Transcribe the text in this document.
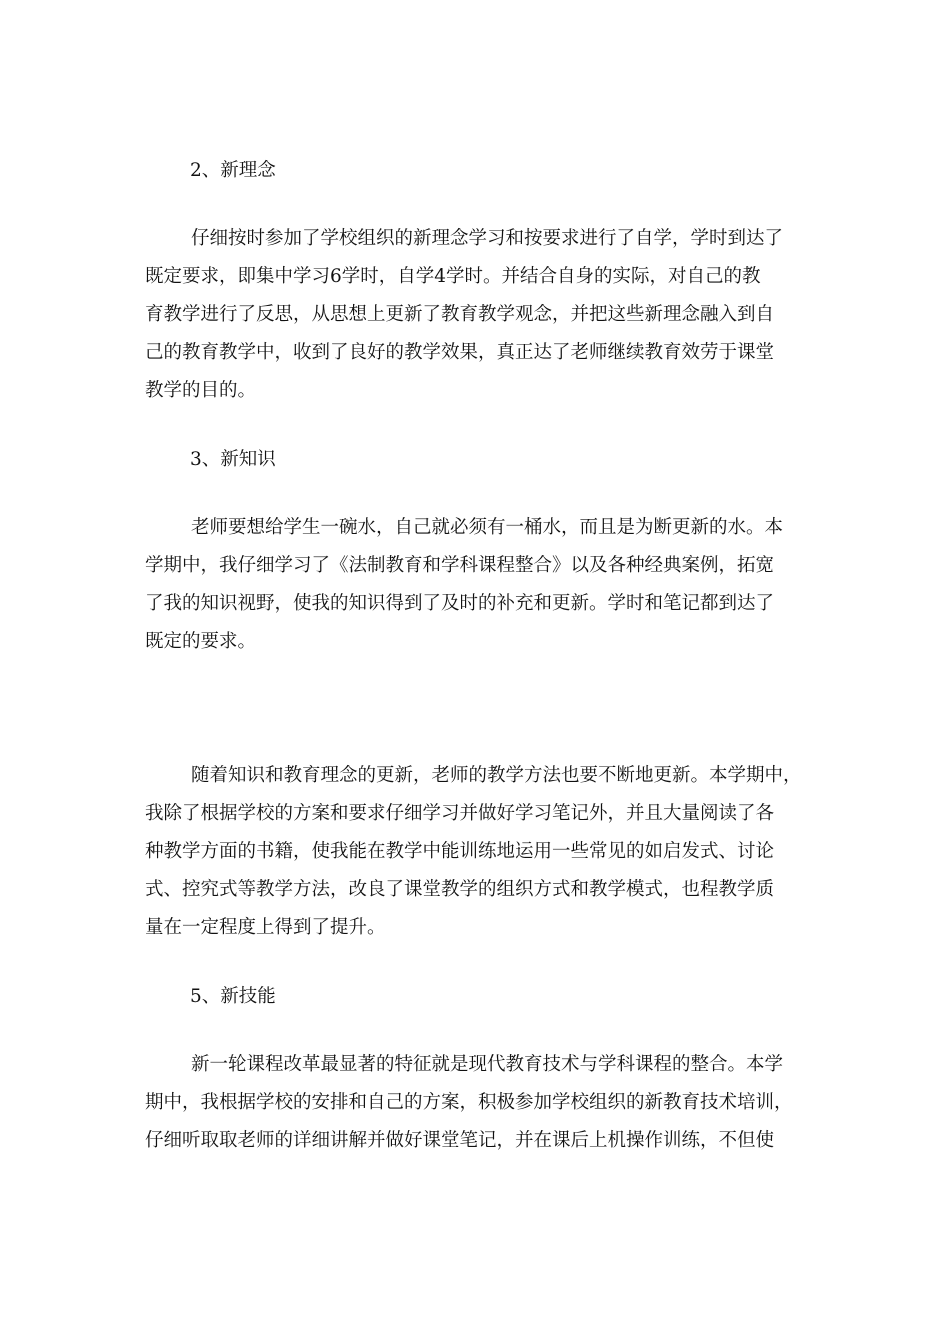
2、新理念

仔细按时参加了学校组织的新理念学习和按要求进行了自学，学时到达了
既定要求，即集中学习6学时，自学4学时。并结合自身的实际，对自己的教
育教学进行了反思，从思想上更新了教育教学观念，并把这些新理念融入到自
己的教育教学中，收到了良好的教学效果，真正达了老师继续教育效劳于课堂
教学的目的。

3、新知识

老师要想给学生一碗水，自己就必须有一桶水，而且是为断更新的水。本
学期中，我仔细学习了《法制教育和学科课程整合》以及各种经典案例，拓宽
了我的知识视野，使我的知识得到了及时的补充和更新。学时和笔记都到达了
既定的要求。
随着知识和教育理念的更新，老师的教学方法也要不断地更新。本学期中，
我除了根据学校的方案和要求仔细学习并做好学习笔记外，并且大量阅读了各
种教学方面的书籍，使我能在教学中能训练地运用一些常见的如启发式、讨论
式、控究式等教学方法，改良了课堂教学的组织方式和教学模式，也程教学质
量在一定程度上得到了提升。

5、新技能

新一轮课程改革最显著的特征就是现代教育技术与学科课程的整合。本学
期中，我根据学校的安排和自己的方案，积极参加学校组织的新教育技术培训，
仔细听取取老师的详细讲解并做好课堂笔记，并在课后上机操作训练，不但使
